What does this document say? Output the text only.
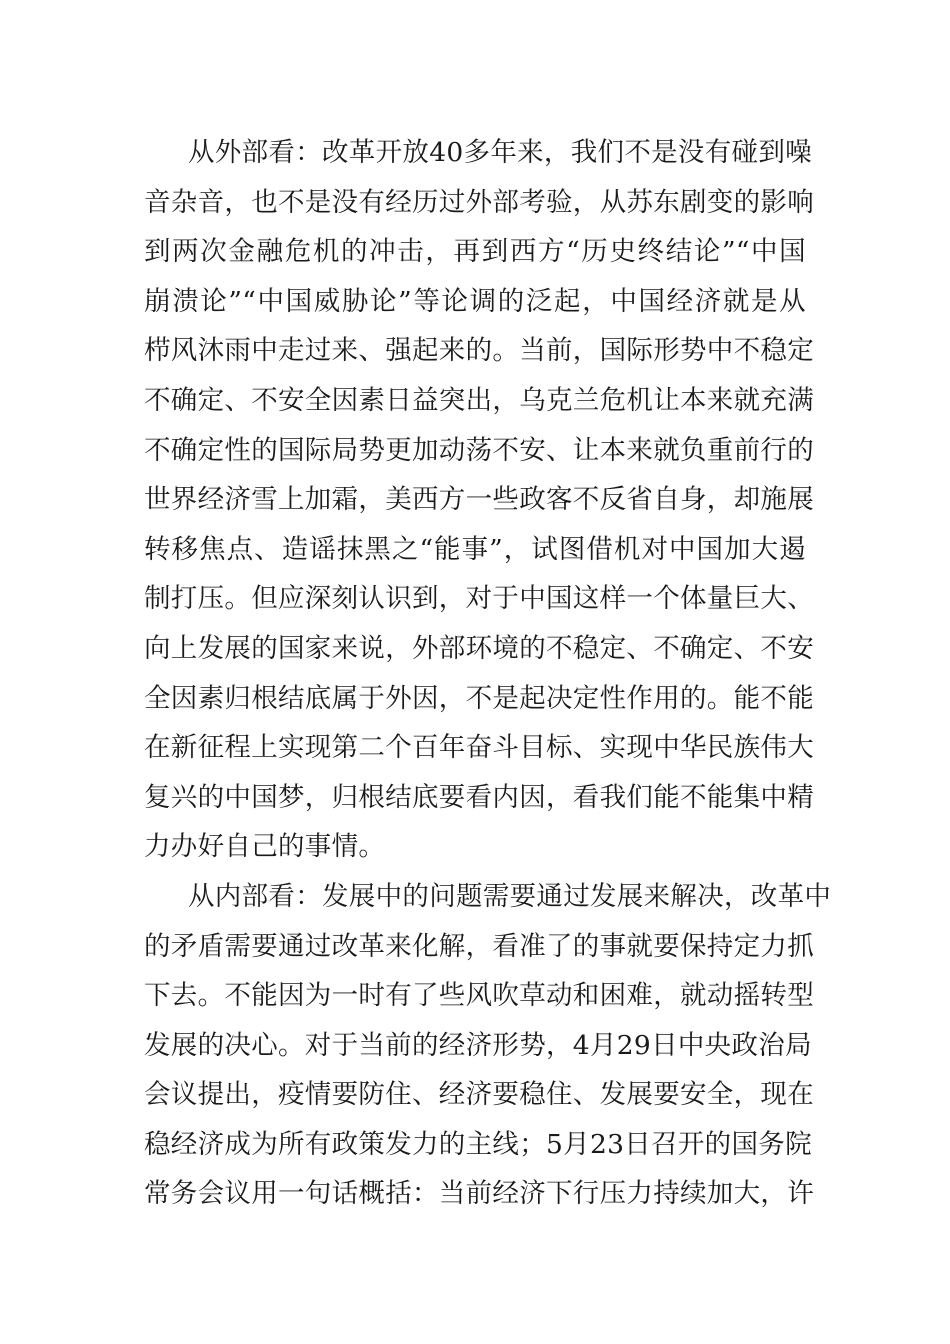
从外部看：改革开放40多年来，我们不是没有碰到噪
音杂音，也不是没有经历过外部考验，从苏东剧变的影响
到两次金融危机的冲击，再到西方“历史终结论”“中国
崩溃论”“中国威胁论”等论调的泛起，中国经济就是从
栉风沐雨中走过来、强起来的。当前，国际形势中不稳定
不确定、不安全因素日益突出，乌克兰危机让本来就充满
不确定性的国际局势更加动荡不安、让本来就负重前行的
世界经济雪上加霜，美西方一些政客不反省自身，却施展
转移焦点、造谣抹黑之“能事”，试图借机对中国加大遏
制打压。但应深刻认识到，对于中国这样一个体量巨大、
向上发展的国家来说，外部环境的不稳定、不确定、不安
全因素归根结底属于外因，不是起决定性作用的。能不能
在新征程上实现第二个百年奋斗目标、实现中华民族伟大
复兴的中国梦，归根结底要看内因，看我们能不能集中精
力办好自己的事情。
从内部看：发展中的问题需要通过发展来解决，改革中
的矛盾需要通过改革来化解，看准了的事就要保持定力抓
下去。不能因为一时有了些风吹草动和困难，就动摇转型
发展的决心。对于当前的经济形势，4月29日中央政治局
会议提出，疫情要防住、经济要稳住、发展要安全，现在
稳经济成为所有政策发力的主线；5月23日召开的国务院
常务会议用一句话概括：当前经济下行压力持续加大，许
